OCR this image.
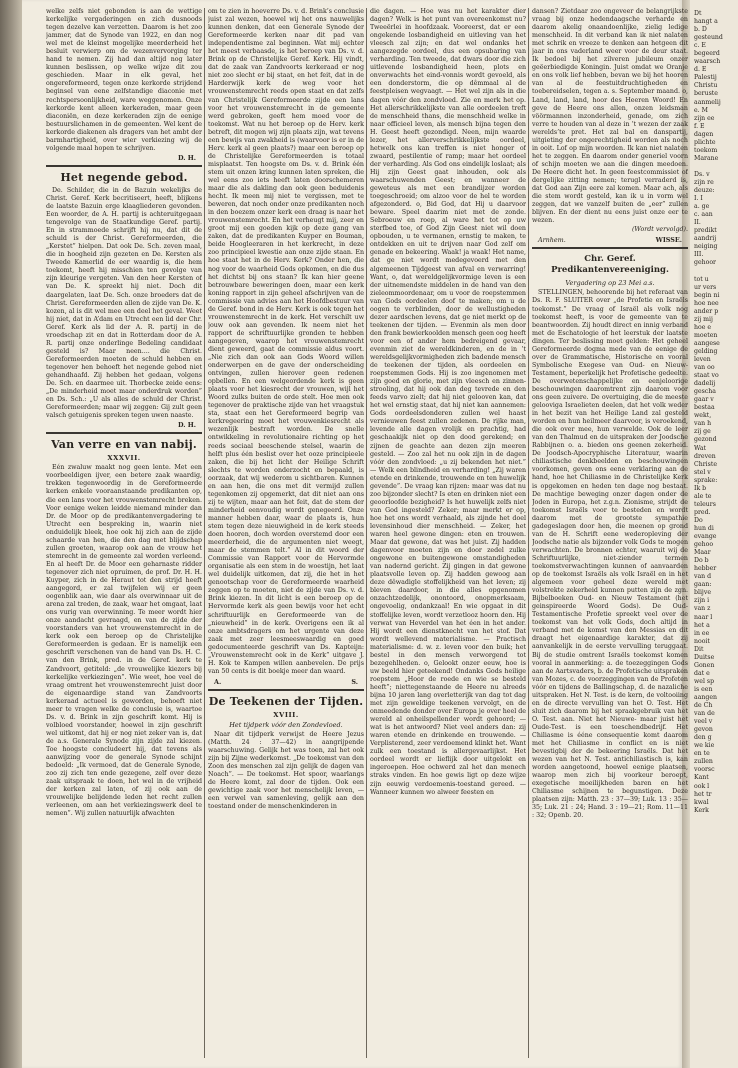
welke zelfs niet gebonden is aan de wettige kerkelijke vergaderingen en zich dusnoods tegen dezelve kan verzetten. Daarom is het zoo jammer, dat de Synode van 1922, en dan nog wel met de kleinst mogelijke meerderheid het besluit verwierp om de wezenvervorging ter hand te nemen. Zij had dan altijd nog later kunnen beslissen, op welke wijze dit zou geschieden. Maar in elk geval, het ongereformeerd, tegen onze kerkorde strijdend beginsel van eene zelfstandige diaconie met rechtspersoonlijkheid, ware weggenomen. Onze kerkorde kent alleen kerkeraden, maar geen diaconiën, en deze kerkeraden zijn de eenige bestuurslichamen in de gemeenten. Wel kent de kerkorde diakenen als dragers van het ambt der barmhartigheid, over wier verkiezing wij de volgende maal hopen te schrijven.

D. H.
Het negende gebod.

De. Schilder, die in de Bazuin wekelijks de Christ. Geref. Kerk becritiseert, heeft, blijkens de laatste Bazuin erge klaagliederen gevonden. Een woorder, de A. H. partij is achteruitgegaan tengevolge van de Staatkundige Geref. partij. En in strammoede schrijft hij nu, dat dit de schuld is der Christ. Gereformeerden, die „Kerstet” hielpen. Dat ook De. Sch. zeven maal, die in hoogheid zijn gezeten en De. Kersten als Tweede Kamerlid de eer waardig is, die hem toekomt, heeft hij misschien ten gevolge van zijn kleurige vergeten. Van den heer Kersten of van De. K. spreekt hij niet. Doch dit daargelaten, laat De. Sch. onze broeders dat de Christ. Gereformeerden allen de zijde van De. K. kozen, al is dit wel mee een deel het geval. Weet hij niet, dat in A’dam en Utrecht een lid der Chr. Geref. Kerk als lid der A. R. partij in de vroedschap zit en dat in Rotterdam door de A. R. partij onze onderlinge Bedeling candidaat gesteld is? Maar neen.... die Christ. Gereformeerden moeten de schuld hebben en tegenover hen behoeft het negende gebod niet gehandhaafd. Zij hebben het gedaan, volgens De. Sch. en daarmee uit. Thorbecke zeide eens: „De minderheid moet maar onderdruk worden” en Ds. Sch.: „U als alles de schuld der Christ. Gereformeerden; maar wij zeggen: Gij zult geen valsch getuigenis spreken tegen uwen naaste.

D. H.
Van verre en van nabij.
XXXVII.

Eén zwaluw maakt nog geen lente. Met een voorbeeldigen ijver, een betere zaak waardig, trekken tegenwoordig in de Gereformeerde kerken enkele vooraanstaande predikanten op, die een lans voor het vrouwenstemrecht breken. Voor eenige weken leidde niemand minder dan Dr. de Moor op de predikantenvergadering te Utrecht een bespreking in, waarin niet onduidelijk bleek, hoe ook hij zich aan de zijde schaarde van hen, die den dag met blijdschap zullen groeten, waarop ook aan de vrouw het stemrecht in de gemeente zal worden verleend. En al heeft Dr. de Moor een geharnaste ridder tegenover zich niet opruimen, de prof. Dr. H. H. Kuyper, zich in de Heraut tot den strijd heeft aangegord, er zal twijfelen wij er geen oogenblik aan, wie daar als overwinnaar uit de arena zal treden, de zaak, waar het omgaat, laat ons vurig van overwinning. Te meer wordt hier onze aandacht gevraagd, en van de zijde der voorstanders van het vrouwenstemrecht in de kerk ook een beroep op de Christelijke Gereformeerden is gedaan. Er is namelijk een geschrift verschenen van de hand van Ds. H. C. van den Brink, pred. in de Geref. kerk te Zandvoort, getiteld: „de vrouwelijke kiezers bij kerkelijke verkiezingen”. Wie weet, hoe veel de vraag omtrent het vrouwenstemrecht juist door de eigenaardige stand van Zandvoorts kerkeraad actueel is geworden, behoeft niet meer te vragen welke de conclusie is, waartoe Ds. v. d. Brink in zijn geschrift komt. Hij is volbloed voorstander, hoewel in zijn geschrift wel uitkomt, dat hij er nog niet zeker van is, dat de a.s. Generale Synode zijn zijde zal kiezen. Toe hoogste concludeert hij, dat tevens als aanwijzing voor de generale Synode schijnt bedoeld: „Ik vermoed, dat de Generale Synode, zoo zij zich ten ende gezegene, zelf over deze zaak uitspraak te doen, het wel in de vrijheid der kerken zal laten, of zij ook aan de vrouwelijke belijdende leden het recht zullen verleenen, om aan het verkiezingswerk deel te nemen”. Wij zullen natuurlijk afwachten

om te zien in hoeverre Ds. v. d. Brink’s conclusie juist zal wezen, hoewel wij het ons nauwelijks kunnen denken, dat een Generale Synode der Gereformeerde kerken naar dit pad van independentisme zal beginnen. Wat mij echter het meest verbaasde, is het beroep van Ds. v. d. Brink op de Christelijke Geref. Kerk. Hij vindt, dat de zaak van Zandvoorts kerkeraad er nog niet zoo slecht er bij staat, en het feit, dat in de Harderwijk kerk de weg voor het vrouwenstemrecht reeds open staat en dat zelfs van Christelijk Gereformeerde zijde een lans voor het vrouwenstemrecht in de gemeente werd gebroken, geeft hem moed voor de toekomst. Wat nu het beroep op de Herv. kerk betreft, dit mogen wij zijn plaats zijn, wat tevens een bewijs van zwakheid is (waarvoor is er in de Herv. kerk al geen plaats?) maar een beroep op de Christelijke Gereformeerden is totaal misplaatst. Ten hoogste om Ds. v. d. Brink één stem uit onzen kring kunnen laten spreken, die wel eens zoo iets heeft laten doorschemeren maar die als dakling dan ook geen beduidenis hecht. Ik meen mij niet te vergissen, met te beweren, dat noch onder onze predikanten noch in den boezem onzer kerk een draag is naar het vrouwenstemrecht. En het verheugt mij, zeer en groot mij een goeden kijk op deze gang van zaken, dat de predikanten Kuyper en Bouman, beide Hoogleeraren in het kerkrecht, in deze zoo principieel kwestie aan onze zijde staan. En hoe staat het in de Herv. Kerk? Onder hen, die nog voor de waarheid Gods opkomen, en die dus het dichtst bij ons staan? Ik kan hier geene betrouwbare beweringen doen, maar een kerk koning rapport in zijn geheel afschrijven van de commissie van advies aan het Hoofdbestuur van de Geref. bond in de Herv. Kerk is ook tegen het vrouwenstemrecht in de kerk. Het verschilt uw jouw ook aan gevenden. Ik neem niet het rapport de schriftuurlijke gronden te hebben aangegeven, waarop het vrouwenstemrecht dient geweerd, gaat de commissie aldus voort. „Nie zich dan ook aan Gods Woord willen onderwerpen en de gave der onderscheiding ontvingen, zullen hierover geen redenen opbellen. En een welgeordende kerk is geen plaats voor het kiesrecht der vrouwen, wijl het Woord zulks buiten de orde stelt. Hoe men ook tegenover de praktische zijde van het vraagstuk sta, staat een het Gereformeerd begrip van kerkregeering moet het vrouwenkiesrecht als wezenlijk bestraft worden. De snelle ontwikkeling in revolutionaire richting op het reeds sociaal beeschende stelsel, waarin de helft plus één beslist over het ooze principieele zaken, die bij het licht der Heilige Schrift slechts te worden onderzocht en bepaald, is oorzaak, dat wij wederom u sichtbaren. Kunnen en aan hen, die ons met dit vermijd zullen tegenkomen zij opgemerkt, dat dit niet aan ons zij te wijten, maar aan het feit, dat de stem der minderheid eenvoudig wordt genegeerd. Onze manner hebben daar, waar de plaats is, hun stem tegen deze nieuwigheid in de kerk steeds doen hooren, doch worden overstemd door een meerderheid, die de argumenten niet weegt, maar de stemmen telt.” Al in dit woord der Commissie van Rapport voor de Hervormde organisatie als een stem in de woestijn, het laat wel duidelijk uitkomen, dat zij, die het in het genootschap voor de Gereformeerde waarheid zeggen op te moeten, niet de zijde van Ds. v. d. Brink kiezen. In dit licht is een beroep op de Hervormde kerk als geen bewijs voor het echt schriftuurlijk en Gereformeerde van de „nieuwheid” in de kerk. Overigens een ik al onze ambtsdragers om het urgente van deze zaak met zeer leesmeeswaardig en goed gedocumenteerde geschrift van Ds. Kapteijn: „Vrouwenstemrecht ook in de Kerk” uitgave J. H. Kok te Kampen willen aanbevelen. De prijs van 50 cents is dit boekje meer dan waard.

A.	S.
De Teekenen der Tijden.
XVIII.
Het tijdperk vóór den Zondevloed.

Naar dit tijdperk verwijst de Heere Jezus (Matth. 24 : 37—42) in aangrijpende waarschuwing. Gelijk het was toen, zal het ook zijn bij Zijne wederkomst. „De toekomst van den Zoon des menschen zal zijn gelijk de dagen van Noach”. — De toekomst. Het spoor, waarlangs de Heere komt, zal door de tijden. Ook een gewichtige zaak voor het menschelijk leven, — een verwel van samenleving, gelijk aan den toestand onder de menschenkinderen in

die dagen. — Hoe was nu het karakter dier dagen? Welk is het punt van overeenkomst nu? Tweeërlei in hoofdzaak. Vooreerst, dat er een ongekende losbandigheid en uitleving van het vleesch zal zijn; en dat wel ondanks het aangezegde oordeel, dus een opsubaring van verharding. Ten tweede, dat dwars door die zich uitlevende losbandigheid heen, plots en onverwachts het eind-vonnis wordt gevoeld, als een donderstorm, die op dêmmaal al de feestpleisen wegvaagt. — Het wel zijn als in die dagen vóór den zondvloed. Zie en merk het op. Het allerschrikkelijkste van alle oordeelen treft de menschheid thans, die menschheid welke in naar officieel leven, als mensch bijna tegen den H. Geest heeft gezondigd. Neen, mijn waarde lezer, het allerverschrikkelijkste oordeel, hetwelk ons kan treffen is niet honger of zwaard, pestilentie of ramp; maar het oordeel der verharding. Als God ons eindelijk loslaat; als Hij zijn Geest gaat inhouden, ook als waarschuwenden Geest; en wanneer de geweteus als met een brandijzer worden toegeschroeid; om alzoo voor de hel te worden afgezonderd. o, Bid God, dat Hij u daarvoor beware. Speel daarim niet met de zonde. Sebroeuw en roep, al ware het tot op uw sterfbed toe, of God Zijn Geest niet wil doen opbouden, u te vermanen, ernstig te maken, te ontdekken en uit te drijven naar God zelf om genade en bekeering. Waak! ja waak! Het name, dat ge niet wordt medegevoerd met den algemeenen Tijdgeest van afval en verwarring! Want, o, dat wereldgelijkvormige leven is een der uitnemendste middelen in de hand van den zieleommoordenaar, om u voor de roepstemmen van Gods oordeelen doof te maken; om u de oogen te verblinden, door de wellustigheden dezer aardschen levens, dat ge niet merkt op de teekenen der tijden. — Evenmin als men door den frank bewierkoolden mensch geen oog heeft voor een of ander hem bedreigend gevaar, evenmin ziet de wereldkinderen, en de in ’t wereldsgelijkvormigheden zich badende mensch de teekenen der tijden, als oordeelen en roepstemmen Gods. Hij is zoo ingenomen met zijn goed en glorie, met zijn vleesch en zinnen-strooling, dat hij ook dan deg tevrede en den feeds varvo zielt; dat hij niet gelooven kan, dat het wel ernstig staat, dat hij niet kan aannemen: Gods oordeelsdonderen zullen wel haast vernieuwen feest zullen zedenen. De rijke man, levende alle dagen vrolijk en prachtig, had geschaakijk niet op den dood gerekend; en zijnen de geachte aan dezen zijn meeren gesteld. — Zoo zal het nu ook zijn in de dagen vóór den zondvloed: „u zij bekenden het niet.” — Welk een blindheid en verharding! „Zij waren etende en drinkende, trouwende en ten huwelijk gevende”. De vraag kan rijzen: maar was dat nu zoo bijzonder slecht? Is eten en drinken niet een geoorloofde bezigheid? Is het huwelijk zelfs niet van God ingesteld? Zeker; maar merkt er op, hoe het ons wordt verhaald, als zijnde het doel levensinhoud dier menschheid. — Zeker, het waren heel gewone dingen: eten en trouwen. Maar dat gewone, dat was het juist. Zij hadden dagenvoor moeten zijn en door zedel zulke ongewone en buitengewone omstandigheden van nadernd gericht. Zij gingen in dat gewone plaatsvolle leven op. Zij hadden gewoog aan deze dêwadigle stoffelijkheid van het leven; zij bleven daardoor, in die alles opgenomen onzachtzedelijk, onontoord, onopmerksaam, ongevoelig, ondankzaal! En wie opgaat in dit stoffelijke leven, wordt verzetlooz hoorn den. Hij verwat van Heverdel van het éen in het ander. Hij wordt een dienstknecht van het stof. Dat wordt wellevend materialisme. — Practisch materialisme: d. w. z. leven voor den buik; het bestel in den mensch verworgend tot bezegehlheden. o, Gelookt onzer eeuw, hoe is uw beeld hier geteekend! Ondanks Gods heilige roepstem „Hoor de roede en wie se besteld heeft”; niettegenstaande de Heere nu alreeds bijna 10 jaren lang overletterijk van dag tot dag met zijn geweldige teekenen vervolgt, en de onmeedende donder over Europa je over heel de wereld al onheilspellender wordt gehoord; — wat is het antwoord? Niet veel anders dan: zij waren etende en drinkende en trouwende. — Verplisterend, zeer verdoemend klinkt het. Want zulk een toestand is allergevaarlijkst. Het oordeel wordt er lieflijk door uitgelokt en ingeroepen. Hoe ochwerd zal het dan menech straks vinden. En hoe gewis ligt op deze wijze zijn eeuwig verdoemenis-toestand gereed. — Wanneer kunnen wo alweer feesten en

dansen? Zietdaar zoo ongeveer de belangrijkste vraag bij onze hedendaagsche verharde en daarom akelig onaandoenlijke, zielig ledige menschheid. In dit verband kan ik niet nalaten met schrik en vreeze te denken aan hetgeen dit jaar in ons vaderland weer voor de deur staat. Ik bedoel bij het zilveren jubileum onzer geëerbiedigde Koningin. Juist omdat we Oranje en ons volk lief hebben, bevan we bij het hooren van al de feestuitdruchtigheden en toebereidselen, tegen a. s. September maand. o, Land, land, land, hoor des Heeren Woord! En geve de Heere ons allen, onzen leidsman vöörmannen inzonderheid, genade, om zich verre te houden van al deze in ’t wezen der zaak werelds’te pret. Het zal bal en danspartij, uitgieting der ongerechtigheid worden als noch in ooit. Lof op mijn woorden. Ik kan niet nalaten het te zeggen. En daarom onder generiel voorn of schijn moeten we aan die dingen meedoen. De Heere dicht het. In geen feestcommissiet of dergelijke zitting nemen; terugl verraderd is, dat God aan Zijn eere zal komen. Maar ach, als die stem wordt gesteld, kan ik u in vorm wel zeggen, dat we vanzelf buiten de „eer” zullen blijven. En der dient nu eens juist onze eer te wezen.

(Wordt vervolgd).
Arnhem.	WISSE.
Chr. Geref. Predikantenvereeniging.
Vergadering op 23 Mei a.s.

STELLINGEN, behoorende bij het referaat van Ds. R. F. SLUITER over „de Profetie en Israëls toekomst.” De vraag of Israël als volk nog toekomst heeft, is voor de gemeente van te beantwoorden. Zij houdt direct en innig verband met de Eschatologie of het leerstuk der laatste dingen. Ter beslissing moet gelden: Het geheel Gereformeerde dogma mede van de eenige de over de Grammatische, Historische en vooral Symbolische Exegese van Oud- en Nieuw-Testament, beperkelijk het Profetische gedeelte. De overwetenschappelijke en eenjeloorige beschouwingen daaromtrent zijn daarom voor ons geen zuivere. De overtuiging, die de meeste gelooviga Israelieten deelen, dat het volk weder in het bezit van het Heilige Land zal gesteld worden en hun heilmeer daarvoor, is veroekend, die ook over mee, hun verwelde. Ook de leer van den Thalmud en de uitspraken der Joodsche Rabbijnen o. a. bieden ons geenen zekerheid. De Joodsch-Apocryphische Literatuur, waarin chiliastische denkbeelden en beschouwingen voorkomen, geven ons eene verklaring aan de hand, hoe het Chiliasme in de Christelijke Kerk is opgekomen en heden ten dage nog bestaat. De machtige beweging onzer dagen onder de Joden in Europa, het z.g.n. Zionisme, strijdt de toekomst Israëls voor te besteden en wordt daarom met de grootste sympathie gadegeslagen door hen, die meenen op grond van de H. Schrift eene wederopleving der Joodsche natie als bijzonder volk Gods te mogen verwachten. De bronnen echter, waaruit wij de Schriftuurlijke, niet-ziender termen toekomstverwachtingen kunnen of aanvaarden op de toekomst Israëls als volk Israël en in het algemeen voor geheel deze wereld met volstrekte zekerheid kunnen putten zijn de zgn. Bijbelboeken Oud- en Nieuw Testament (het geinspireerde Woord Gods). De Oud-Testamentische Profetie spreekt veel over de toekomst van het volk Gods, doch altijd in verband met de komst van den Messias en dit draagt het eigenaardige karakter, dat zij aanvankelijk in de eerste vervulling teruggaat. Bij de studie omtrent Israëls toekomst komen vooral in aanmerking: a. de toezeggingen Gods aan de Aartsvaders, b. de Profetische uitspraken van Mozes, c. de voorzeggingen van de Profeten vóór en tijdens de Ballingschap, d. de nazaliche uitspraken. Het N. Test. is de kern, de voltooiing en de directe vervulling van het O. Test. Het sluit zich daarom bij het spraakgebruik van het O. Test. aan. Niet het Nieuwe- maar juist het Oude-Test. is een toeschendbedrijf. Het Chiliasme is ééne consequentie komt daarom met het Chiliasme in conflict en is niet bevestigbij der de bekeering Israëls. Dat het wezen van het N. Test. antichiliastisch is, kan worden aangetoond, hoewel eenige plaatsen, waarop men zich bij voorkeur beroept, exegetische moeilijkheden baren en het Chiliasme schijnen te begunstigen. Deze plaatsen zijn: Matth. 23 : 37—39; Luk. 13 : 35—35; Luk. 21 : 24; Hand. 3 : 19—21; Rom. 11—11 : 32; Openb. 20.

Dt
hangt a
b. D
gesteund
c. E
begeerd
waarsch
d. E
Palestij
Christu
beruste
aanmelij
e. M
zijn ee
f. E
dagen
plichte
toekom
Marane
Ds. v
zijn re
deuze:
I. I
a. ge
c. aan
II.
predikt
aandrij
neiging
III.
gehoor
tot u
ur vers
begin ni
hoe nee
ander p
zij mij
hoe e
moeten
aangese
gelding
leven
van oo
staat vo
dadelij
gescha
gaar v
bestaa
wekt,
van h
zij ge
gezond
Wat
dreven
Christe
stel v
sprake:
Ik b
ale te
teleurs
pred.
Do
hun di
evange
gehoo
Maar
Do b
hebber
van d
gaan:
blijve
zijn i
van z
naar l
het a
in ee
nooit
Dit
Duitse
Gonen
dat e
wel sp
is een
aangen
de Ch
van de
veel v
gevon
den g
we kie
en te
zullen
voorsc
Kant
ook l
het tr
kwal
Kerk
